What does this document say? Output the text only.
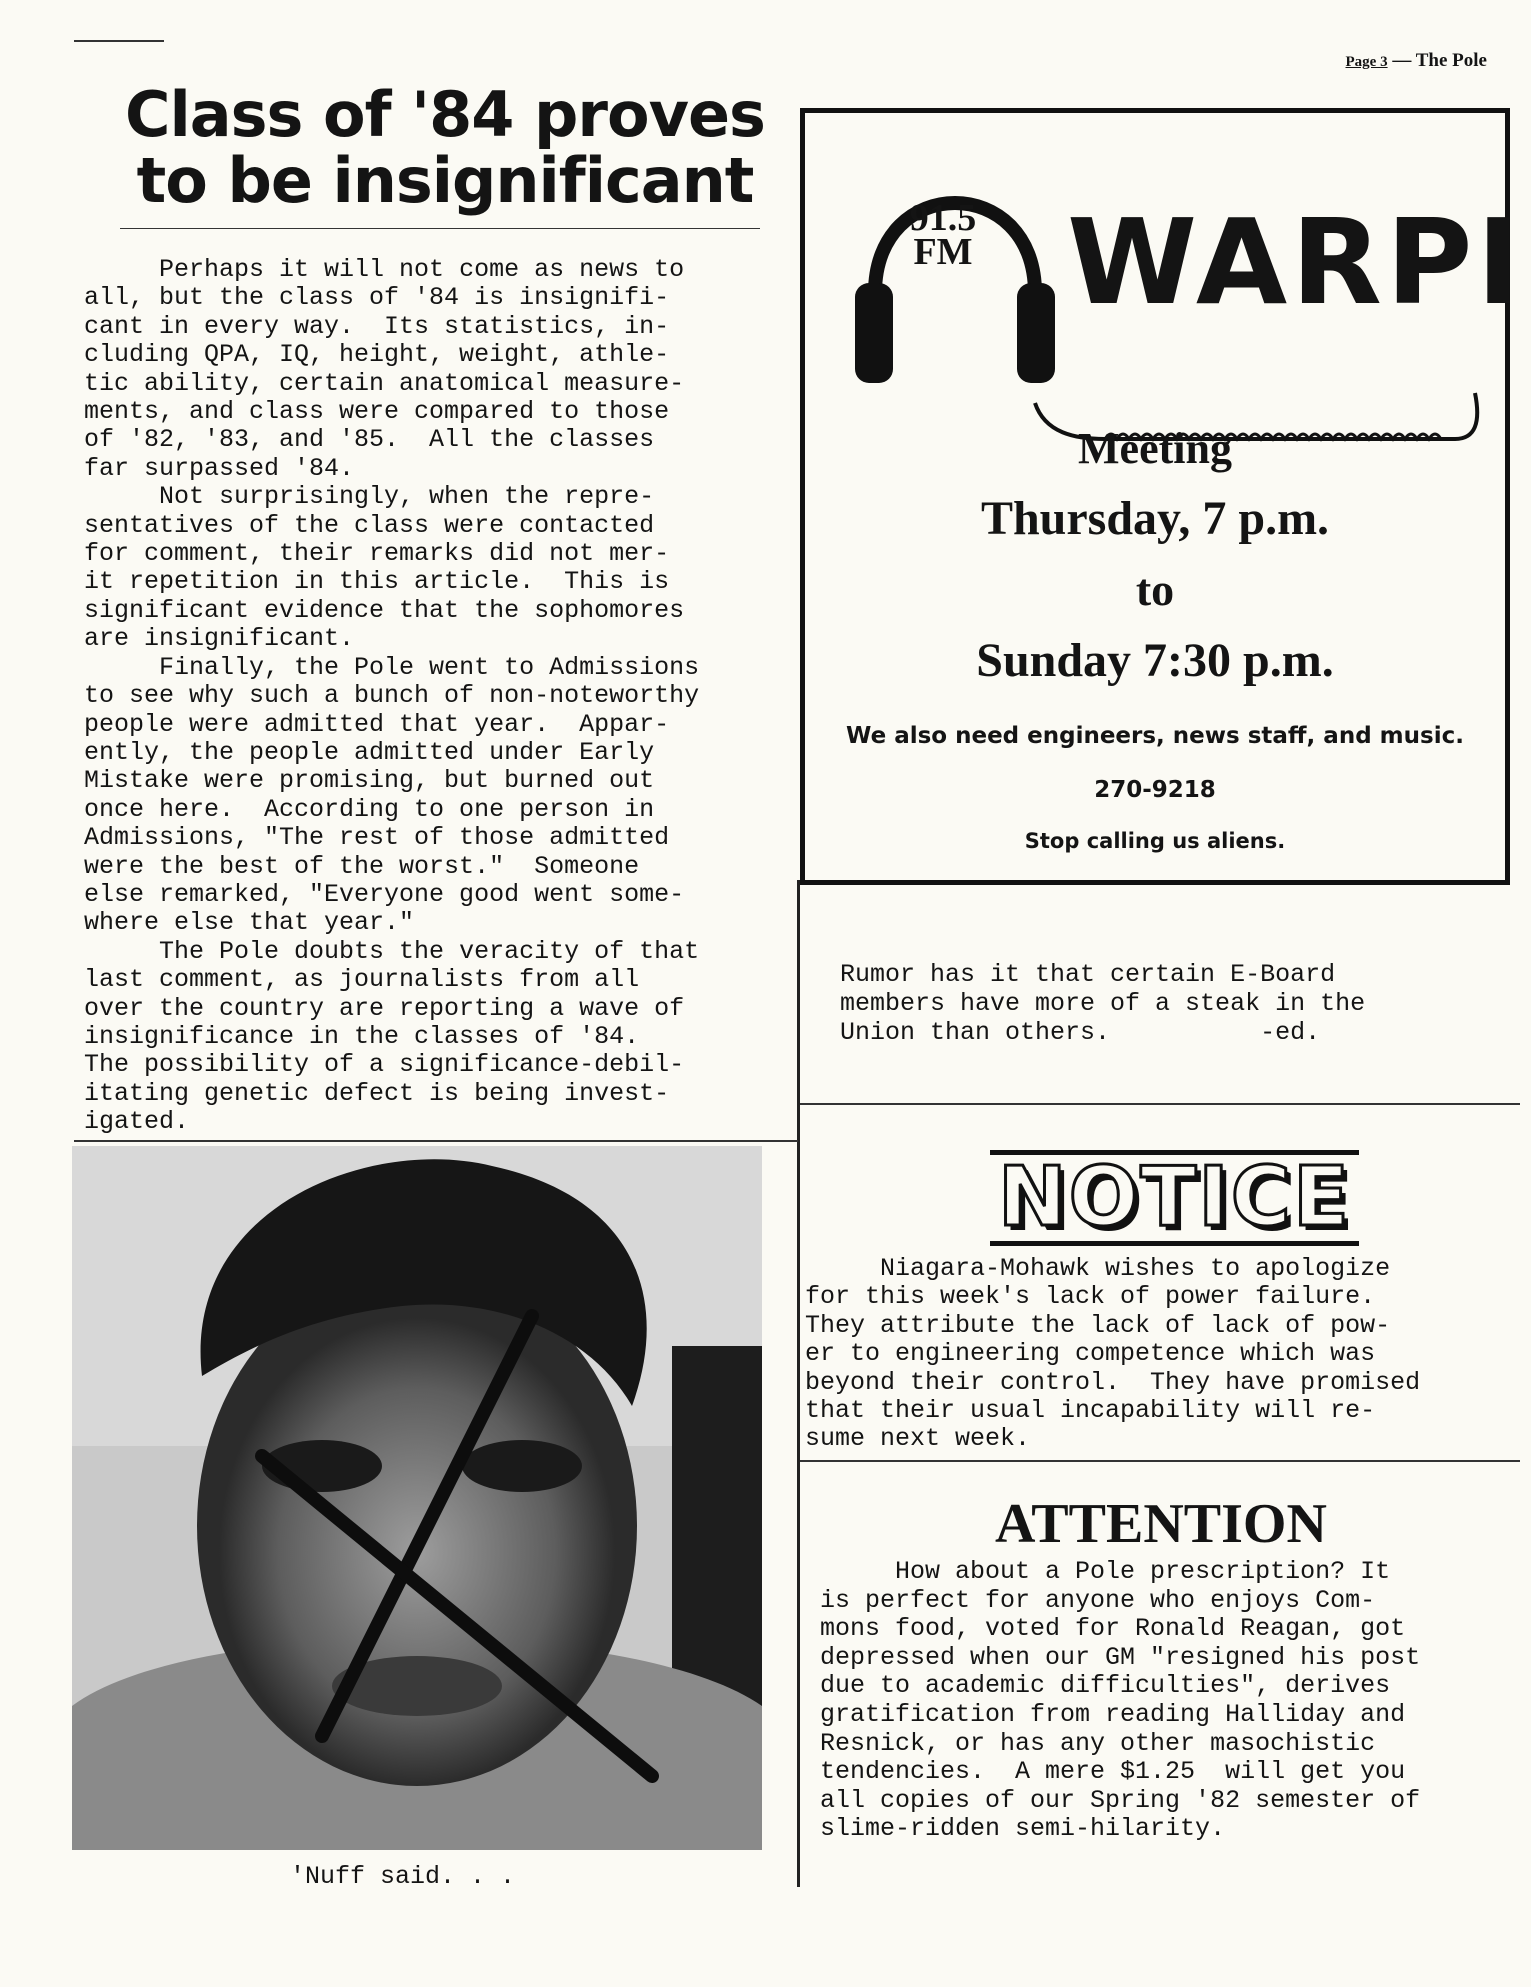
Page 3 — The Pole
Class of '84 proves
to be insignificant
Perhaps it will not come as news to
all, but the class of '84 is insignifi-
cant in every way.  Its statistics, in-
cluding QPA, IQ, height, weight, athle-
tic ability, certain anatomical measure-
ments, and class were compared to those
of '82, '83, and '85.  All the classes
far surpassed '84.
Not surprisingly, when the repre-
sentatives of the class were contacted
for comment, their remarks did not mer-
it repetition in this article.  This is
significant evidence that the sophomores
are insignificant.
Finally, the Pole went to Admissions
to see why such a bunch of non-noteworthy
people were admitted that year.  Appar-
ently, the people admitted under Early
Mistake were promising, but burned out
once here.  According to one person in
Admissions, "The rest of those admitted
were the best of the worst."  Someone
else remarked, "Everyone good went some-
where else that year."
The Pole doubts the veracity of that
last comment, as journalists from all
over the country are reporting a wave of
insignificance in the classes of '84.
The possibility of a significance-debil-
itating genetic defect is being invest-
igated.
91.5
FM WARPI
Meeting
Thursday, 7 p.m.
to
Sunday 7:30 p.m.
We also need engineers, news staff, and music.
270-9218
Stop calling us aliens.
Rumor has it that certain E-Board
members have more of a steak in the
Union than others.          -ed.
NOTICE
Niagara-Mohawk wishes to apologize
for this week's lack of power failure.
They attribute the lack of lack of pow-
er to engineering competence which was
beyond their control.  They have promised
that their usual incapability will re-
sume next week.
ATTENTION
How about a Pole prescription? It
is perfect for anyone who enjoys Com-
mons food, voted for Ronald Reagan, got
depressed when our GM "resigned his post
due to academic difficulties", derives
gratification from reading Halliday and
Resnick, or has any other masochistic
tendencies.  A mere $1.25  will get you
all copies of our Spring '82 semester of
slime-ridden semi-hilarity.
'Nuff said. . .
